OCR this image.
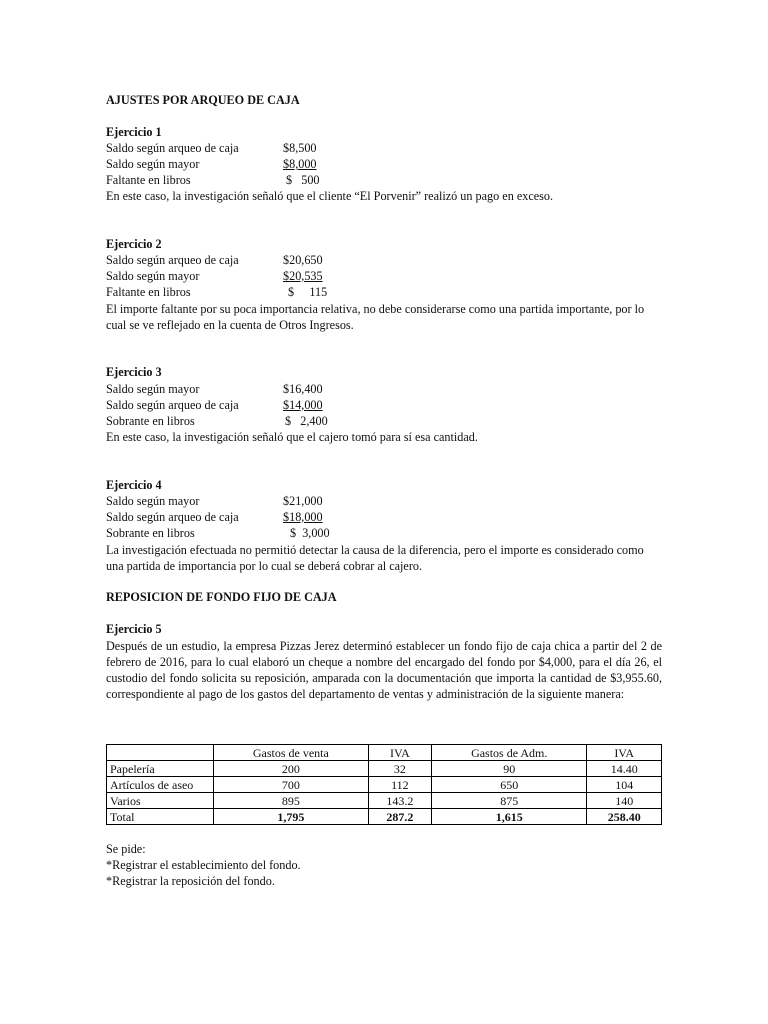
AJUSTES POR ARQUEO DE CAJA
Ejercicio 1
Saldo según arqueo de caja	$8,500
Saldo según mayor	$8,000
Faltante en libros	$   500
En este caso, la investigación señaló que el cliente “El Porvenir” realizó un pago en exceso.
Ejercicio 2
Saldo según arqueo de caja	$20,650
Saldo según mayor	$20,535
Faltante en libros	$     115
El importe faltante por su poca importancia relativa, no debe considerarse como una partida importante, por lo cual se ve reflejado en la cuenta de Otros Ingresos.
Ejercicio 3
Saldo según mayor	$16,400
Saldo según arqueo de caja	$14,000
Sobrante en libros	$   2,400
En este caso, la investigación señaló que el cajero tomó para sí esa cantidad.
Ejercicio 4
Saldo según mayor	$21,000
Saldo según arqueo de caja	$18,000
Sobrante en libros	$  3,000
La investigación efectuada no permitió detectar la causa de la diferencia, pero el importe es considerado como una partida de importancia por lo cual se deberá cobrar al cajero.
REPOSICION DE FONDO FIJO DE CAJA
Ejercicio 5
Después de un estudio, la empresa Pizzas Jerez determinó establecer un fondo fijo de caja chica a partir del 2 de febrero de 2016, para lo cual elaboró un cheque a nombre del encargado del fondo por $4,000, para el día 26, el custodio del fondo solicita su reposición, amparada con la documentación que importa la cantidad de $3,955.60, correspondiente al pago de los gastos del departamento de ventas y administración de la siguiente manera:
	Gastos de venta	IVA	Gastos de Adm.	IVA
Papelería	200	32	90	14.40
Artículos de aseo	700	112	650	104
Varios	895	143.2	875	140
Total	1,795	287.2	1,615	258.40
Se pide:
*Registrar el establecimiento del fondo.
*Registrar la reposición del fondo.
